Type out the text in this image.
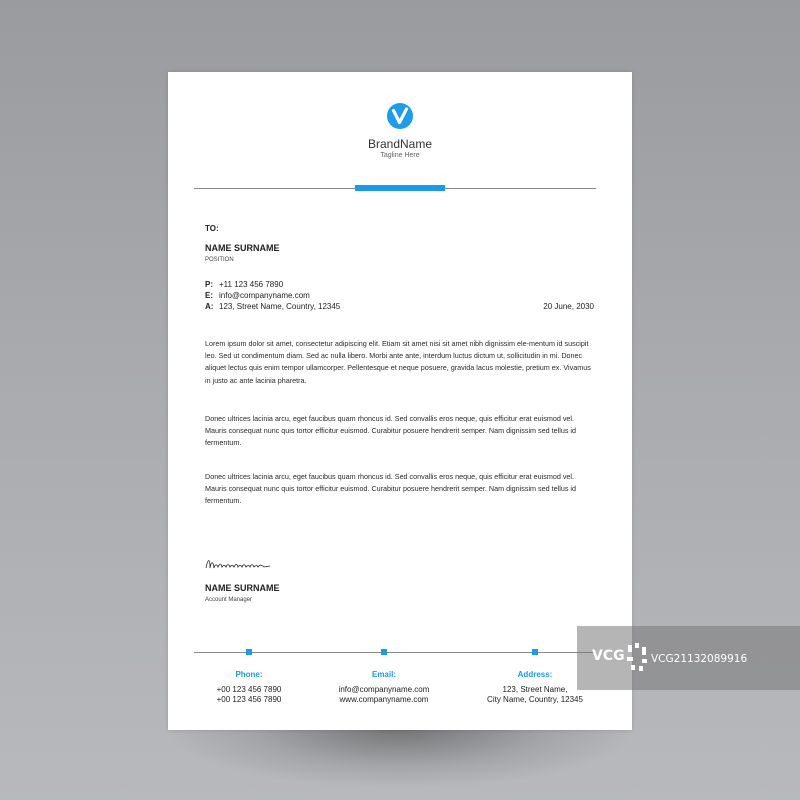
BrandName
Tagline Here
TO:
NAME SURNAME
POSITION
P: +11 123 456 7890
E: info@companyname.com
A: 123, Street Name, Country, 12345	20 June, 2030
Lorem ipsum dolor sit amet, consectetur adipiscing elit. Etiam sit amet nisi sit amet nibh dignissim ele-mentum id suscipit leo. Sed ut condimentum diam. Sed ac nulla libero. Morbi ante ante, interdum luctus dictum ut, sollicitudin in mi. Donec aliquet lectus quis enim tempor ullamcorper. Pellentesque et neque posuere, gravida lacus molestie, pretium ex. Vivamus in justo ac ante lacinia pharetra.
Donec ultrices lacinia arcu, eget faucibus quam rhoncus id. Sed convallis eros neque, quis efficitur erat euismod vel. Mauris consequat nunc quis tortor efficitur euismod. Curabitur posuere hendrerit semper. Nam dignissim sed tellus id fermentum.
Donec ultrices lacinia arcu, eget faucibus quam rhoncus id. Sed convallis eros neque, quis efficitur erat euismod vel. Mauris consequat nunc quis tortor efficitur euismod. Curabitur posuere hendrerit semper. Nam dignissim sed tellus id fermentum.
NAME SURNAME
Account Manager
Phone:
+00 123 456 7890
+00 123 456 7890
Email:
info@companyname.com
www.companyname.com
Address:
123, Street Name,
City Name, Country, 12345
VCG	VCG21132089916
